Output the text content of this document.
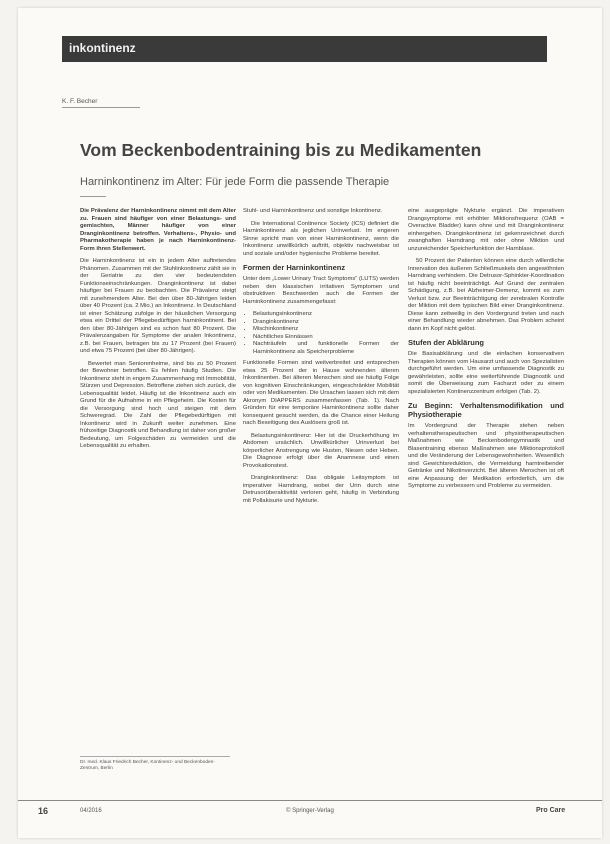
inkontinenz
K. F. Becher
Vom Beckenbodentraining bis zu Medikamenten
Harninkontinenz im Alter: Für jede Form die passende Therapie

Die Prävalenz der Harninkontinenz nimmt mit dem Alter zu. Frauen sind häufiger von einer Belastungs- und gemischten, Männer häufiger von einer Dranginkontinenz betroffen. Verhaltens-, Physio- und Pharmakotherapie haben je nach Harninkontinenz-Form ihren Stellenwert.

Die Harninkontinenz ist ein in jedem Alter auftretendes Phänomen. Zusammen mit der Stuhlinkontinenz zählt sie in der Geriatrie zu den vier bedeutendsten Funktionseinschränkungen. Dranginkontinenz ist dabei häufiger bei Frauen zu beobachten. Die Prävalenz steigt mit zunehmendem Alter. Bei den über 80-Jährigen leiden über 40 Prozent (ca. 2 Mio.) an Inkontinenz. In Deutschland ist einer Schätzung zufolge in der häuslichen Versorgung etwa ein Drittel der Pflegebedürftigen harninkontinent. Bei den über 80-Jährigen sind es schon fast 80 Prozent. Die Prävalenzangaben für Symptome der analen Inkontinenz, z.B. bei Frauen, betragen bis zu 17 Prozent (bei Frauen) und etwa 75 Prozent (bei über 80-Jährigen).

Bewertet man Seniorenheime, sind bis zu 50 Prozent der Bewohner betroffen. Es fehlen häufig Studien. Die Inkontinenz steht in engem Zusammenhang mit Immobilität, Stürzen und Depression. Betroffene ziehen sich zurück, die Lebensqualität leidet. Häufig ist die Inkontinenz auch ein Grund für die Aufnahme in ein Pflegeheim. Die Kosten für die Versorgung sind hoch und steigen mit dem Schweregrad. Die Zahl der Pflegebedürftigen mit Inkontinenz wird in Zukunft weiter zunehmen. Eine frühzeitige Diagnostik und Behandlung ist daher von großer Bedeutung, um Folgeschäden zu vermeiden und die Lebensqualität zu erhalten.

Stuhl- und Harninkontinenz und sonstige Inkontinenz.

Die International Continence Society (ICS) definiert die Harninkontinenz als jeglichen Urinverlust. Im engeren Sinne spricht man von einer Harninkontinenz, wenn die Inkontinenz unwillkürlich auftritt, objektiv nachweisbar ist und soziale und/oder hygienische Probleme bereitet.

Formen der Harninkontinenz

Unter dem „Lower Urinary Tract Symptoms“ (LUTS) werden neben den klassischen irritativen Symptomen und obstruktiven Beschwerden auch die Formen der Harninkontinenz zusammengefasst:

• Belastungsinkontinenz
• Dranginkontinenz
• Mischinkontinenz
• Nächtliches Einnässen
• Nachträufeln und funktionelle Formen der Harninkontinenz als Speicherprobleme

Funktionelle Formen sind weitverbreitet und entsprechen etwa 25 Prozent der in Hause wohnenden älteren Inkontinenten. Bei älteren Menschen sind sie häufig Folge von kognitiven Einschränkungen, eingeschränkter Mobilität oder von Medikamenten. Die Ursachen lassen sich mit dem Akronym DIAPPERS zusammenfassen (Tab. 1). Nach Gründen für eine temporäre Harninkontinenz sollte daher konsequent gesucht werden, da die Chance einer Heilung nach Beseitigung des Auslösers groß ist.

Belastungsinkontinenz: Hier ist die Druckerhöhung im Abdomen ursächlich. Unwillkürlicher Urinverlust bei körperlicher Anstrengung wie Husten, Niesen oder Heben. Die Diagnose erfolgt über die Anamnese und einen Provokationstest.

Dranginkontinenz: Das obligate Leitsymptom ist imperativer Harndrang, wobei der Urin durch eine Detrusorüberaktivität verloren geht, häufig in Verbindung mit Pollakisurie und Nykturie.

eine ausgeprägte Nykturie ergänzt. Die imperativen Drangsymptome mit erhöhter Miktionsfrequenz (OAB = Overactive Bladder) kann ohne und mit Dranginkontinenz einhergehen. Dranginkontinenz ist gekennzeichnet durch zwanghaften Harndrang mit oder ohne Miktion und unzureichender Speicherfunktion der Harnblase.

50 Prozent der Patienten können eine durch willentliche Innervation des äußeren Schließmuskels den angewöhnten Harndrang verhindern. Die Detrusor-Sphinkter-Koordination ist häufig nicht beeinträchtigt. Auf Grund der zentralen Schädigung, z.B. bei Alzheimer-Demenz, kommt es zum Verlust bzw. zur Beeinträchtigung der zerebralen Kontrolle der Miktion mit dem typischen Bild einer Dranginkontinenz. Diese kann zeitweilig in den Vordergrund treten und nach einer Behandlung wieder abnehmen. Das Problem scheint dann im Kopf nicht gelöst.

Stufen der Abklärung

Die Basisabklärung und die einfachen konservativen Therapien können vom Hausarzt und auch von Spezialisten durchgeführt werden. Um eine umfassende Diagnostik zu gewährleisten, sollte eine weiterführende Diagnostik und somit die Überweisung zum Facharzt oder zu einem spezialisierten Kontinenzzentrum erfolgen (Tab. 2).

Zu Beginn: Verhaltensmodifikation und Physiotherapie

Im Vordergrund der Therapie stehen neben verhaltenstherapeutischen und physiotherapeutischen Maßnahmen wie Beckenbodengymnastik und Blasentraining ebenso Maßnahmen wie Miktionsprotokoll und die Veränderung der Lebensgewohnheiten. Wesentlich sind Gewichtsreduktion, die Vermeidung harntreibender Getränke und Nikotinverzicht. Bei älteren Menschen ist oft eine Anpassung der Medikation erforderlich, um die Symptome zu verbessern und Probleme zu vermeiden.

Dr. med. Klaus Friedrich Becher, Kontinenz- und Beckenboden-Zentrum, Berlin
16	04/2016	© Springer-Verlag	Pro Care
